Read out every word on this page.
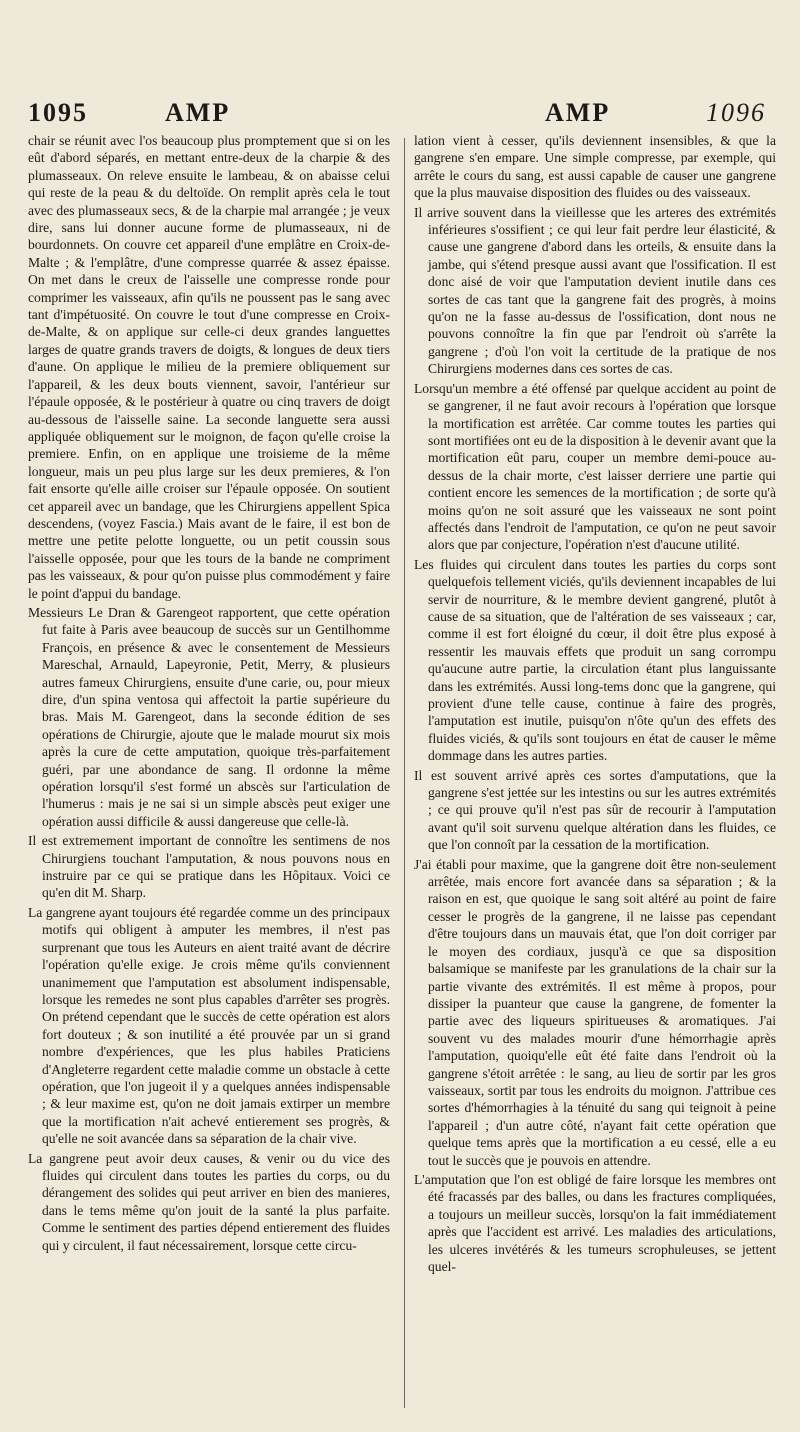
1095	AMP	AMP	1096

chair se réunit avec l'os beaucoup plus promptement que si on les eût d'abord séparés, en mettant entre-deux de la charpie & des plumasseaux. On releve ensuite le lambeau, & on abaisse celui qui reste de la peau & du deltoïde. On remplit après cela le tout avec des plumasseaux secs, & de la charpie mal arrangée ; je veux dire, sans lui donner aucune forme de plumasseaux, ni de bourdonnets. On couvre cet appareil d'une emplâtre en Croix-de-Malte ; & l'emplâtre, d'une compresse quarrée & assez épaisse. On met dans le creux de l'aisselle une compresse ronde pour comprimer les vaisseaux, afin qu'ils ne poussent pas le sang avec tant d'impétuosité. On couvre le tout d'une compresse en Croix-de-Malte, & on applique sur celle-ci deux grandes languettes larges de quatre grands travers de doigts, & longues de deux tiers d'aune. On applique le milieu de la premiere obliquement sur l'appareil, & les deux bouts viennent, savoir, l'antérieur sur l'épaule opposée, & le postérieur à quatre ou cinq travers de doigt au-dessous de l'aisselle saine. La seconde languette sera aussi appliquée obliquement sur le moignon, de façon qu'elle croise la premiere. Enfin, on en applique une troisieme de la même longueur, mais un peu plus large sur les deux premieres, & l'on fait ensorte qu'elle aille croiser sur l'épaule opposée. On soutient cet appareil avec un bandage, que les Chirurgiens appellent Spica descendens, (voyez Fascia.) Mais avant de le faire, il est bon de mettre une petite pelotte longuette, ou un petit coussin sous l'aisselle opposée, pour que les tours de la bande ne compriment pas les vaisseaux, & pour qu'on puisse plus commodément y faire le point d'appui du bandage.

Messieurs Le Dran & Garengeot rapportent, que cette opération fut faite à Paris avee beaucoup de succès sur un Gentilhomme François, en présence & avec le consentement de Messieurs Mareschal, Arnauld, Lapeyronie, Petit, Merry, & plusieurs autres fameux Chirurgiens, ensuite d'une carie, ou, pour mieux dire, d'un spina ventosa qui affectoit la partie supérieure du bras. Mais M. Garengeot, dans la seconde édition de ses opérations de Chirurgie, ajoute que le malade mourut six mois après la cure de cette amputation, quoique très-parfaitement guéri, par une abondance de sang. Il ordonne la même opération lorsqu'il s'est formé un abscès sur l'articulation de l'humerus : mais je ne sai si un simple abscès peut exiger une opération aussi difficile & aussi dangereuse que celle-là.

Il est extremement important de connoître les sentimens de nos Chirurgiens touchant l'amputation, & nous pouvons nous en instruire par ce qui se pratique dans les Hôpitaux. Voici ce qu'en dit M. Sharp.

La gangrene ayant toujours été regardée comme un des principaux motifs qui obligent à amputer les membres, il n'est pas surprenant que tous les Auteurs en aient traité avant de décrire l'opération qu'elle exige. Je crois même qu'ils conviennent unanimement que l'amputation est absolument indispensable, lorsque les remedes ne sont plus capables d'arrêter ses progrès. On prétend cependant que le succès de cette opération est alors fort douteux ; & son inutilité a été prouvée par un si grand nombre d'expériences, que les plus habiles Praticiens d'Angleterre regardent cette maladie comme un obstacle à cette opération, que l'on jugeoit il y a quelques années indispensable ; & leur maxime est, qu'on ne doit jamais extirper un membre que la mortification n'ait achevé entierement ses progrès, & qu'elle ne soit avancée dans sa séparation de la chair vive.

La gangrene peut avoir deux causes, & venir ou du vice des fluides qui circulent dans toutes les parties du corps, ou du dérangement des solides qui peut arriver en bien des manieres, dans le tems même qu'on jouit de la santé la plus parfaite. Comme le sentiment des parties dépend entierement des fluides qui y circulent, il faut nécessairement, lorsque cette circu-

lation vient à cesser, qu'ils deviennent insensibles, & que la gangrene s'en empare. Une simple compresse, par exemple, qui arrête le cours du sang, est aussi capable de causer une gangrene que la plus mauvaise disposition des fluides ou des vaisseaux.

Il arrive souvent dans la vieillesse que les arteres des extrémités inférieures s'ossifient ; ce qui leur fait perdre leur élasticité, & cause une gangrene d'abord dans les orteils, & ensuite dans la jambe, qui s'étend presque aussi avant que l'ossification. Il est donc aisé de voir que l'amputation devient inutile dans ces sortes de cas tant que la gangrene fait des progrès, à moins qu'on ne la fasse au-dessus de l'ossification, dont nous ne pouvons connoître la fin que par l'endroit où s'arrête la gangrene ; d'où l'on voit la certitude de la pratique de nos Chirurgiens modernes dans ces sortes de cas.

Lorsqu'un membre a été offensé par quelque accident au point de se gangrener, il ne faut avoir recours à l'opération que lorsque la mortification est arrêtée. Car comme toutes les parties qui sont mortifiées ont eu de la disposition à le devenir avant que la mortification eût paru, couper un membre demi-pouce au-dessus de la chair morte, c'est laisser derriere une partie qui contient encore les semences de la mortification ; de sorte qu'à moins qu'on ne soit assuré que les vaisseaux ne sont point affectés dans l'endroit de l'amputation, ce qu'on ne peut savoir alors que par conjecture, l'opération n'est d'aucune utilité.

Les fluides qui circulent dans toutes les parties du corps sont quelquefois tellement viciés, qu'ils deviennent incapables de lui servir de nourriture, & le membre devient gangrené, plutôt à cause de sa situation, que de l'altération de ses vaisseaux ; car, comme il est fort éloigné du cœur, il doit être plus exposé à ressentir les mauvais effets que produit un sang corrompu qu'aucune autre partie, la circulation étant plus languissante dans les extrémités. Aussi long-tems donc que la gangrene, qui provient d'une telle cause, continue à faire des progrès, l'amputation est inutile, puisqu'on n'ôte qu'un des effets des fluides viciés, & qu'ils sont toujours en état de causer le même dommage dans les autres parties.

Il est souvent arrivé après ces sortes d'amputations, que la gangrene s'est jettée sur les intestins ou sur les autres extrémités ; ce qui prouve qu'il n'est pas sûr de recourir à l'amputation avant qu'il soit survenu quelque altération dans les fluides, ce que l'on connoît par la cessation de la mortification.

J'ai établi pour maxime, que la gangrene doit être non-seulement arrêtée, mais encore fort avancée dans sa séparation ; & la raison en est, que quoique le sang soit altéré au point de faire cesser le progrès de la gangrene, il ne laisse pas cependant d'être toujours dans un mauvais état, que l'on doit corriger par le moyen des cordiaux, jusqu'à ce que sa disposition balsamique se manifeste par les granulations de la chair sur la partie vivante des extrémités. Il est même à propos, pour dissiper la puanteur que cause la gangrene, de fomenter la partie avec des liqueurs spiritueuses & aromatiques. J'ai souvent vu des malades mourir d'une hémorrhagie après l'amputation, quoiqu'elle eût été faite dans l'endroit où la gangrene s'étoit arrêtée : le sang, au lieu de sortir par les gros vaisseaux, sortit par tous les endroits du moignon. J'attribue ces sortes d'hémorrhagies à la ténuité du sang qui teignoit à peine l'appareil ; d'un autre côté, n'ayant fait cette opération que quelque tems après que la mortification a eu cessé, elle a eu tout le succès que je pouvois en attendre.

L'amputation que l'on est obligé de faire lorsque les membres ont été fracassés par des balles, ou dans les fractures compliquées, a toujours un meilleur succès, lorsqu'on la fait immédiatement après que l'accident est arrivé. Les maladies des articulations, les ulceres invétérés & les tumeurs scrophuleuses, se jettent quel-
